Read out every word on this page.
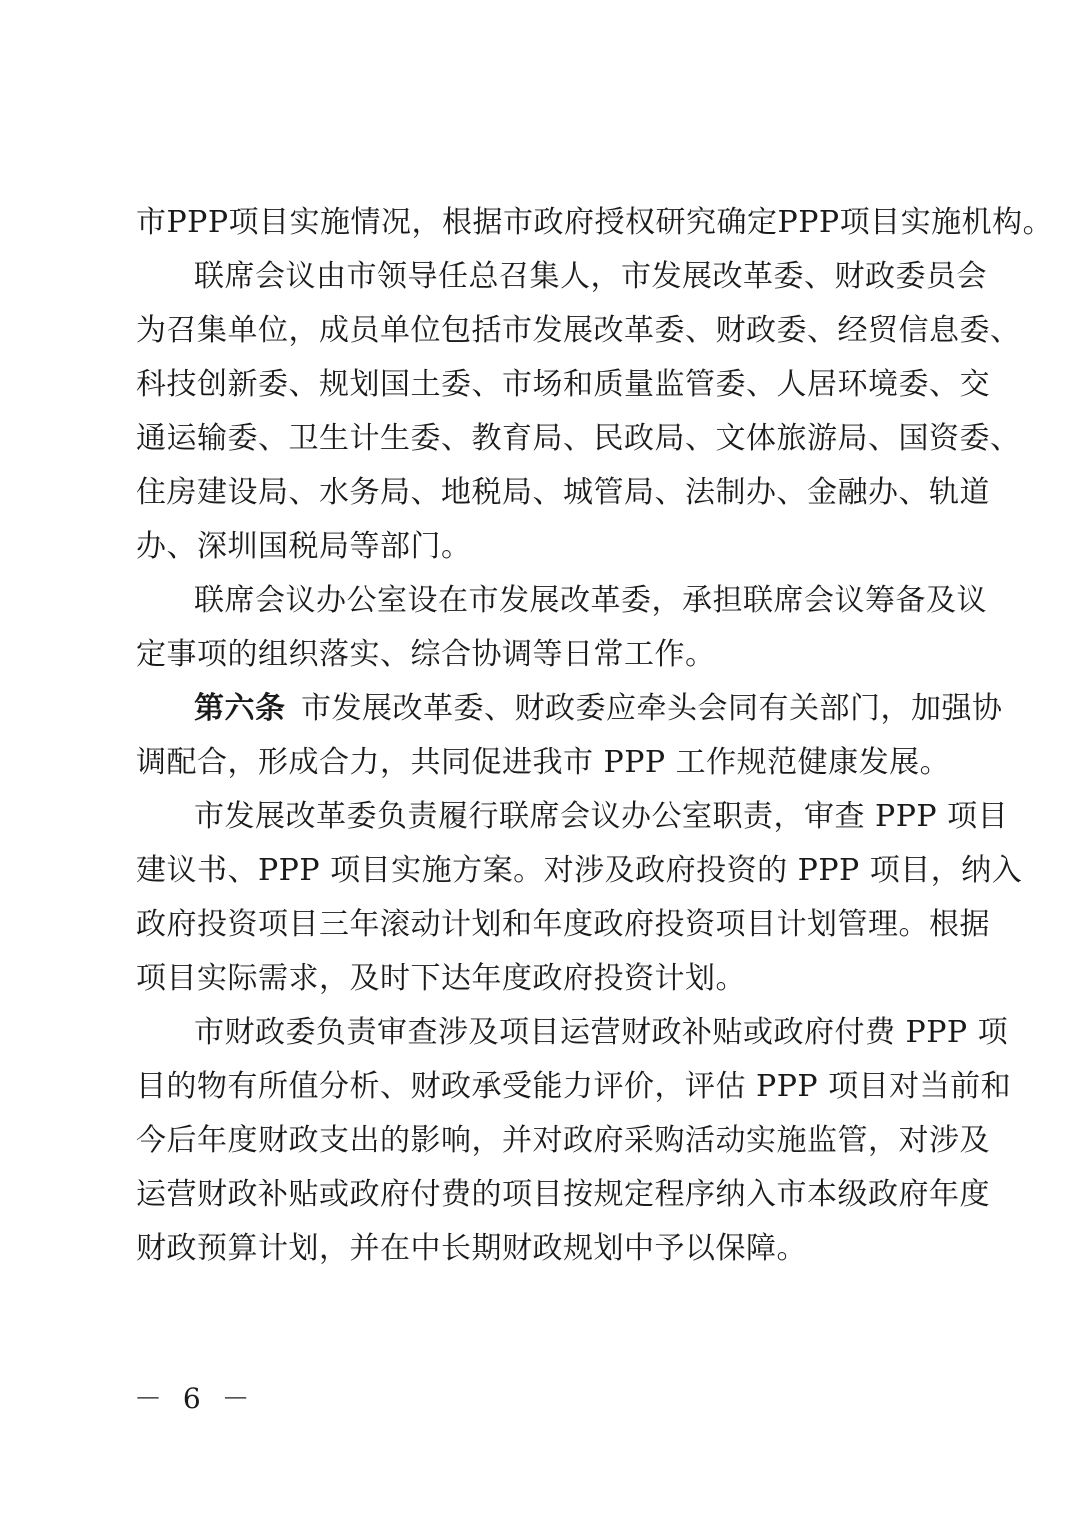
市PPP项目实施情况，根据市政府授权研究确定PPP项目实施机构。
联席会议由市领导任总召集人，市发展改革委、财政委员会
为召集单位，成员单位包括市发展改革委、财政委、经贸信息委、
科技创新委、规划国土委、市场和质量监管委、人居环境委、交
通运输委、卫生计生委、教育局、民政局、文体旅游局、国资委、
住房建设局、水务局、地税局、城管局、法制办、金融办、轨道
办、深圳国税局等部门。
联席会议办公室设在市发展改革委，承担联席会议筹备及议
定事项的组织落实、综合协调等日常工作。
第六条  市发展改革委、财政委应牵头会同有关部门，加强协
调配合，形成合力，共同促进我市 PPP 工作规范健康发展。
市发展改革委负责履行联席会议办公室职责，审查 PPP 项目
建议书、PPP 项目实施方案。对涉及政府投资的 PPP 项目，纳入
政府投资项目三年滚动计划和年度政府投资项目计划管理。根据
项目实际需求，及时下达年度政府投资计划。
市财政委负责审查涉及项目运营财政补贴或政府付费 PPP 项
目的物有所值分析、财政承受能力评价，评估 PPP 项目对当前和
今后年度财政支出的影响，并对政府采购活动实施监管，对涉及
运营财政补贴或政府付费的项目按规定程序纳入市本级政府年度
财政预算计划，并在中长期财政规划中予以保障。
－ 6 －
